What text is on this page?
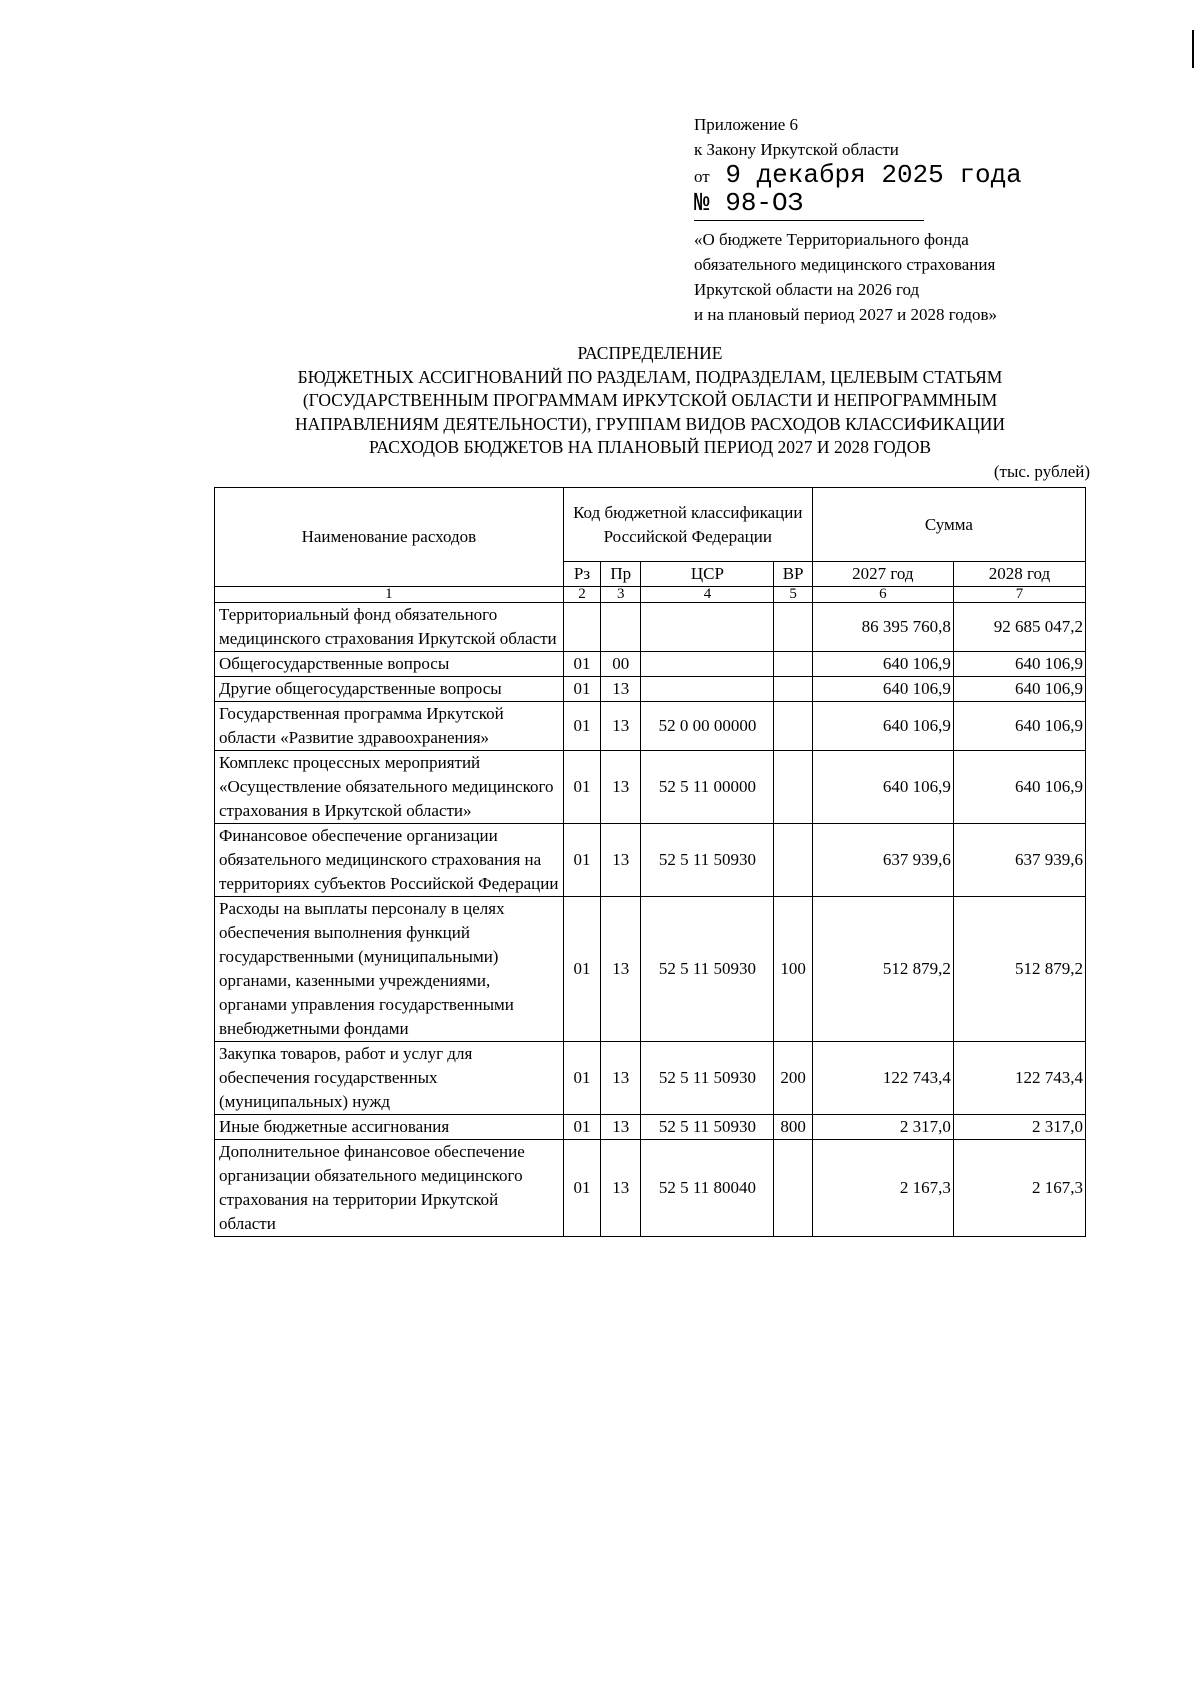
Приложение 6
к Закону Иркутской области
от 9 декабря 2025 года
№ 98-ОЗ
«О бюджете Территориального фонда
обязательного медицинского страхования
Иркутской области на 2026 год
и на плановый период 2027 и 2028 годов»
РАСПРЕДЕЛЕНИЕ
БЮДЖЕТНЫХ АССИГНОВАНИЙ ПО РАЗДЕЛАМ, ПОДРАЗДЕЛАМ, ЦЕЛЕВЫМ СТАТЬЯМ
(ГОСУДАРСТВЕННЫМ ПРОГРАММАМ ИРКУТСКОЙ ОБЛАСТИ И НЕПРОГРАММНЫМ
НАПРАВЛЕНИЯМ ДЕЯТЕЛЬНОСТИ), ГРУППАМ ВИДОВ РАСХОДОВ КЛАССИФИКАЦИИ
РАСХОДОВ БЮДЖЕТОВ НА ПЛАНОВЫЙ ПЕРИОД 2027 И 2028 ГОДОВ
(тыс. рублей)
Наименование расходов	Код бюджетной классификации Российской Федерации				Сумма	
	Рз	Пр	ЦСР	ВР	2027 год	2028 год
1	2	3	4	5	6	7
Территориальный фонд обязательного медицинского страхования Иркутской области					86 395 760,8	92 685 047,2
Общегосударственные вопросы	01	00			640 106,9	640 106,9
Другие общегосударственные вопросы	01	13			640 106,9	640 106,9
Государственная программа Иркутской области «Развитие здравоохранения»	01	13	52 0 00 00000		640 106,9	640 106,9
Комплекс процессных мероприятий «Осуществление обязательного медицинского страхования в Иркутской области»	01	13	52 5 11 00000		640 106,9	640 106,9
Финансовое обеспечение организации обязательного медицинского страхования на территориях субъектов Российской Федерации	01	13	52 5 11 50930		637 939,6	637 939,6
Расходы на выплаты персоналу в целях обеспечения выполнения функций государственными (муниципальными) органами, казенными учреждениями, органами управления государственными внебюджетными фондами	01	13	52 5 11 50930	100	512 879,2	512 879,2
Закупка товаров, работ и услуг для обеспечения государственных (муниципальных) нужд	01	13	52 5 11 50930	200	122 743,4	122 743,4
Иные бюджетные ассигнования	01	13	52 5 11 50930	800	2 317,0	2 317,0
Дополнительное финансовое обеспечение организации обязательного медицинского страхования на территории Иркутской области	01	13	52 5 11 80040		2 167,3	2 167,3
